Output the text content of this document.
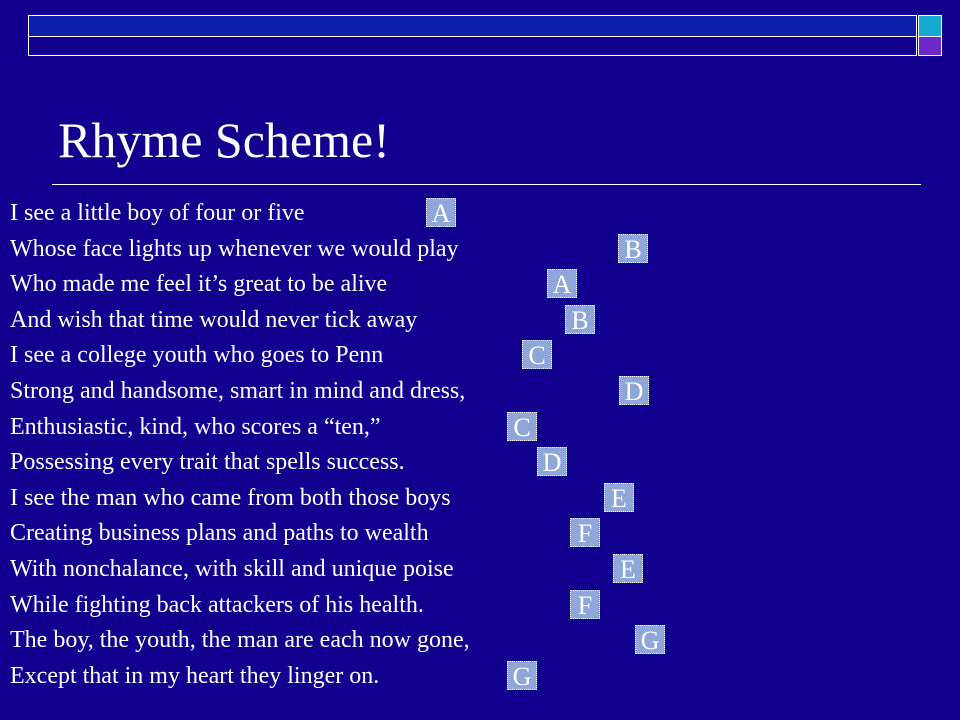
Rhyme Scheme!
I see a little boy of four or five	A
Whose face lights up whenever we would play	B
Who made me feel it’s great to be alive	A
And wish that time would never tick away	B
I see a college youth who goes to Penn	C
Strong and handsome, smart in mind and dress,	D
Enthusiastic, kind, who scores a “ten,”	C
Possessing every trait that spells success.	D
I see the man who came from both those boys	E
Creating business plans and paths to wealth	F
With nonchalance, with skill and unique poise	E
While fighting back attackers of his health.	F
The boy, the youth, the man are each now gone,	G
Except that in my heart they linger on.	G
